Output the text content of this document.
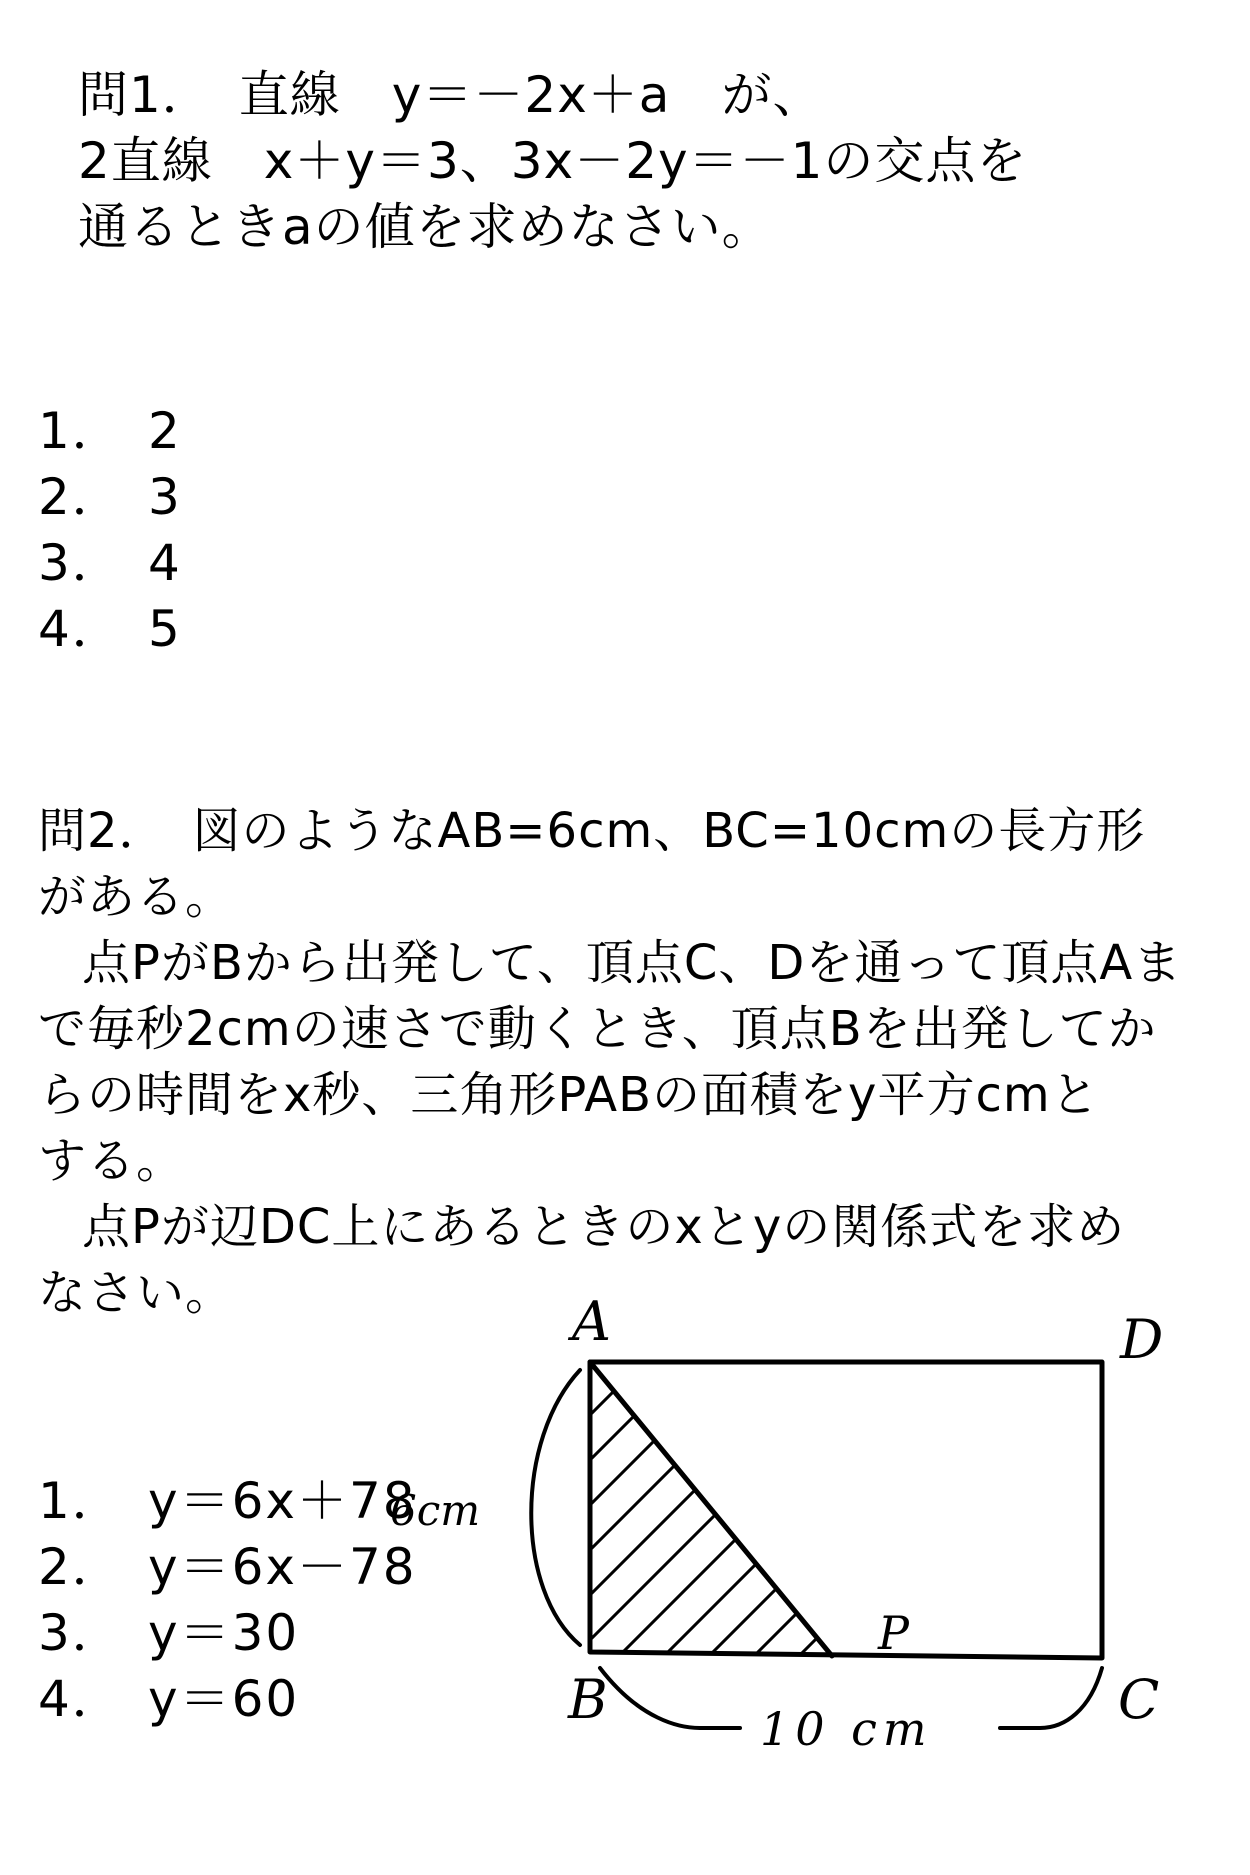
問1．　直線　y＝－2x＋a　が、
2直線　x＋y＝3、3x－2y＝－1の交点を
通るときaの値を求めなさい。
1． 2
2． 3
3． 4
4． 5
問2．　図のようなAB=6cm、BC=10cmの長方形
がある。
点PがBから出発して、頂点C、Dを通って頂点Aま
で毎秒2cmの速さで動くとき、頂点Bを出発してか
らの時間をx秒、三角形PABの面積をy平方cmと
する。
点Pが辺DC上にあるときのxとyの関係式を求め
なさい。
1． y＝6x＋78
2． y＝6x－78
3． y＝30
4． y＝60
A	D
B	C
P
6cm
10 cm
